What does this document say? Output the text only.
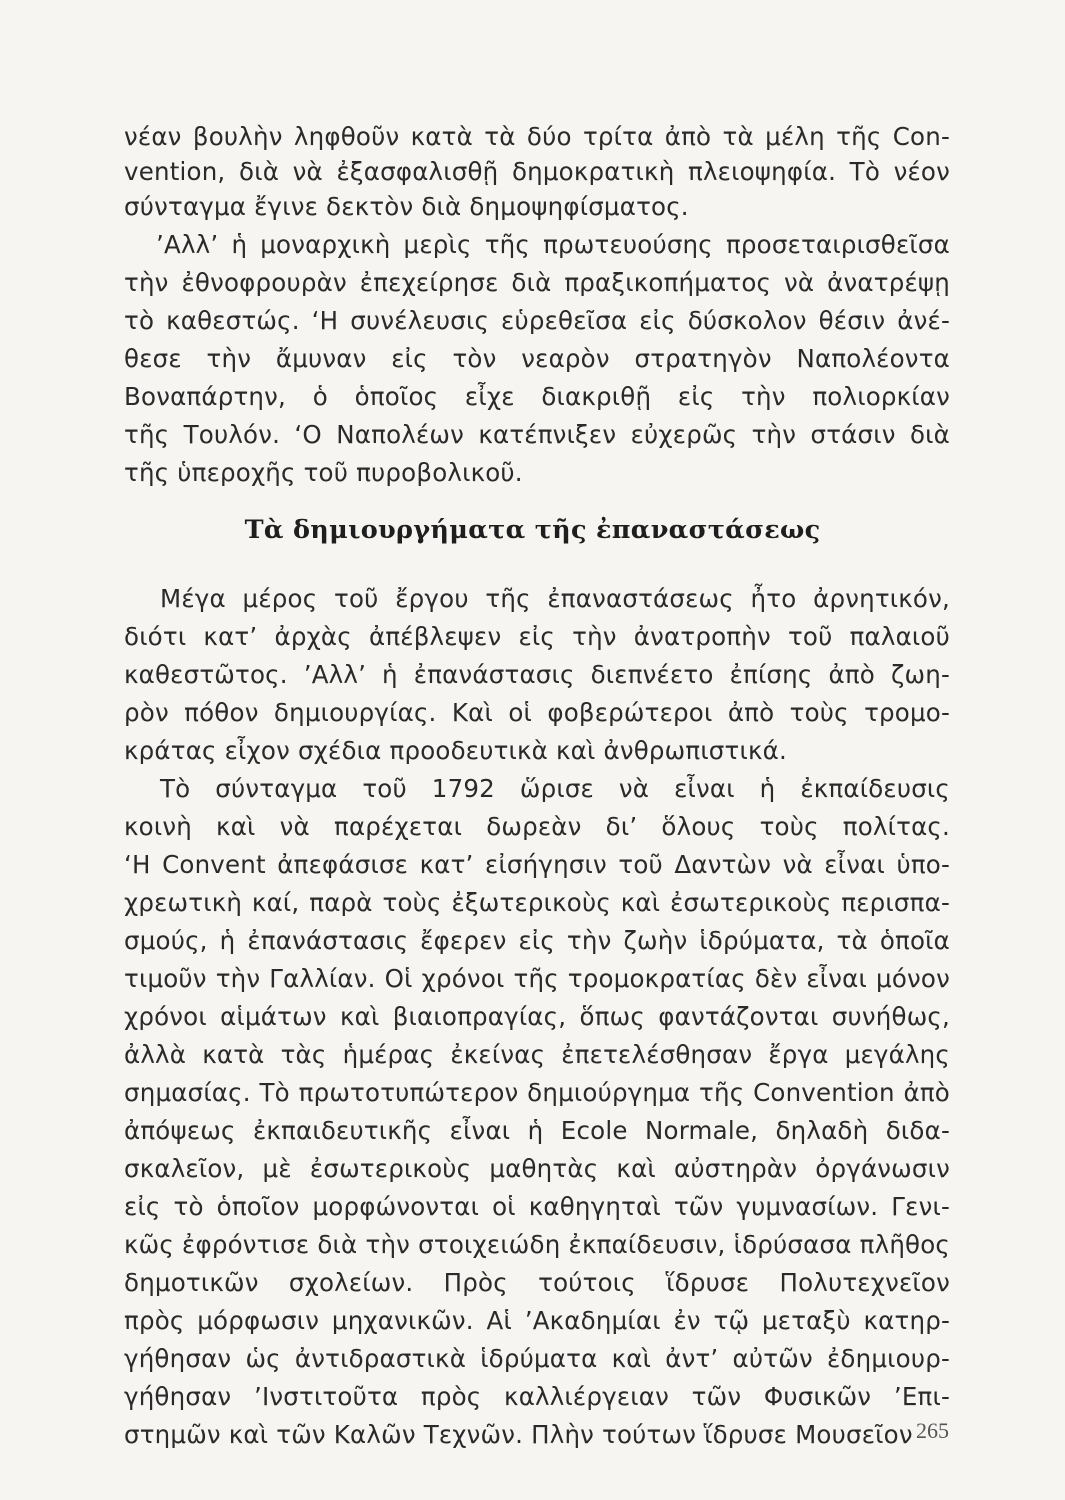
νέαν βουλὴν ληφθοῦν κατὰ τὰ δύο τρίτα ἀπὸ τὰ μέλη τῆς Con-
vention, διὰ νὰ ἐξασφαλισθῇ δημοκρατικὴ πλειοψηφία. Τὸ νέον
σύνταγμα ἔγινε δεκτὸν διὰ δημοψηφίσματος.
’Αλλ’ ἡ μοναρχικὴ μερὶς τῆς πρωτευούσης προσεταιρισθεῖσα
τὴν ἐθνοφρουρὰν ἐπεχείρησε διὰ πραξικοπήματος νὰ ἀνατρέψῃ
τὸ καθεστώς. ‘Η συνέλευσις εὑρεθεῖσα εἰς δύσκολον θέσιν ἀνέ-
θεσε τὴν ἄμυναν εἰς τὸν νεαρὸν στρατηγὸν Ναπολέοντα
Βοναπάρτην, ὁ ὁποῖος εἶχε διακριθῇ εἰς τὴν πολιορκίαν
τῆς Τουλόν. ‘Ο Ναπολέων κατέπνιξεν εὐχερῶς τὴν στάσιν διὰ
τῆς ὑπεροχῆς τοῦ πυροβολικοῦ.
Τὰ δημιουργήματα τῆς ἐπαναστάσεως
Μέγα μέρος τοῦ ἔργου τῆς ἐπαναστάσεως ἦτο ἀρνητικόν,
διότι κατ’ ἀρχὰς ἀπέβλεψεν εἰς τὴν ἀνατροπὴν τοῦ παλαιοῦ
καθεστῶτος. ’Αλλ’ ἡ ἐπανάστασις διεπνέετο ἐπίσης ἀπὸ ζωη-
ρὸν πόθον δημιουργίας. Καὶ οἱ φοβερώτεροι ἀπὸ τοὺς τρομο-
κράτας εἶχον σχέδια προοδευτικὰ καὶ ἀνθρωπιστικά.
Τὸ σύνταγμα τοῦ 1792 ὥρισε νὰ εἶναι ἡ ἐκπαίδευσις
κοινὴ καὶ νὰ παρέχεται δωρεὰν δι’ ὅλους τοὺς πολίτας.
‘Η Convent ἀπεφάσισε κατ’ εἰσήγησιν τοῦ Δαντὼν νὰ εἶναι ὑπο-
χρεωτικὴ καί, παρὰ τοὺς ἐξωτερικοὺς καὶ ἐσωτερικοὺς περισπα-
σμούς, ἡ ἐπανάστασις ἔφερεν εἰς τὴν ζωὴν ἱδρύματα, τὰ ὁποῖα
τιμοῦν τὴν Γαλλίαν. Οἱ χρόνοι τῆς τρομοκρατίας δὲν εἶναι μόνον
χρόνοι αἱμάτων καὶ βιαιοπραγίας, ὅπως φαντάζονται συνήθως,
ἀλλὰ κατὰ τὰς ἡμέρας ἐκείνας ἐπετελέσθησαν ἔργα μεγάλης
σημασίας. Τὸ πρωτοτυπώτερον δημιούργημα τῆς Convention ἀπὸ
ἀπόψεως ἐκπαιδευτικῆς εἶναι ἡ Ecole Normale, δηλαδὴ διδα-
σκαλεῖον, μὲ ἐσωτερικοὺς μαθητὰς καὶ αὐστηρὰν ὀργάνωσιν
εἰς τὸ ὁποῖον μορφώνονται οἱ καθηγηταὶ τῶν γυμνασίων. Γενι-
κῶς ἐφρόντισε διὰ τὴν στοιχειώδη ἐκπαίδευσιν, ἱδρύσασα πλῆθος
δημοτικῶν σχολείων. Πρὸς τούτοις ἵδρυσε Πολυτεχνεῖον
πρὸς μόρφωσιν μηχανικῶν. Αἱ ’Ακαδημίαι ἐν τῷ μεταξὺ κατηρ-
γήθησαν ὡς ἀντιδραστικὰ ἱδρύματα καὶ ἀντ’ αὐτῶν ἐδημιουρ-
γήθησαν ’Ινστιτοῦτα πρὸς καλλιέργειαν τῶν Φυσικῶν ’Επι-
στημῶν καὶ τῶν Καλῶν Τεχνῶν. Πλὴν τούτων ἵδρυσε Μουσεῖον 265
